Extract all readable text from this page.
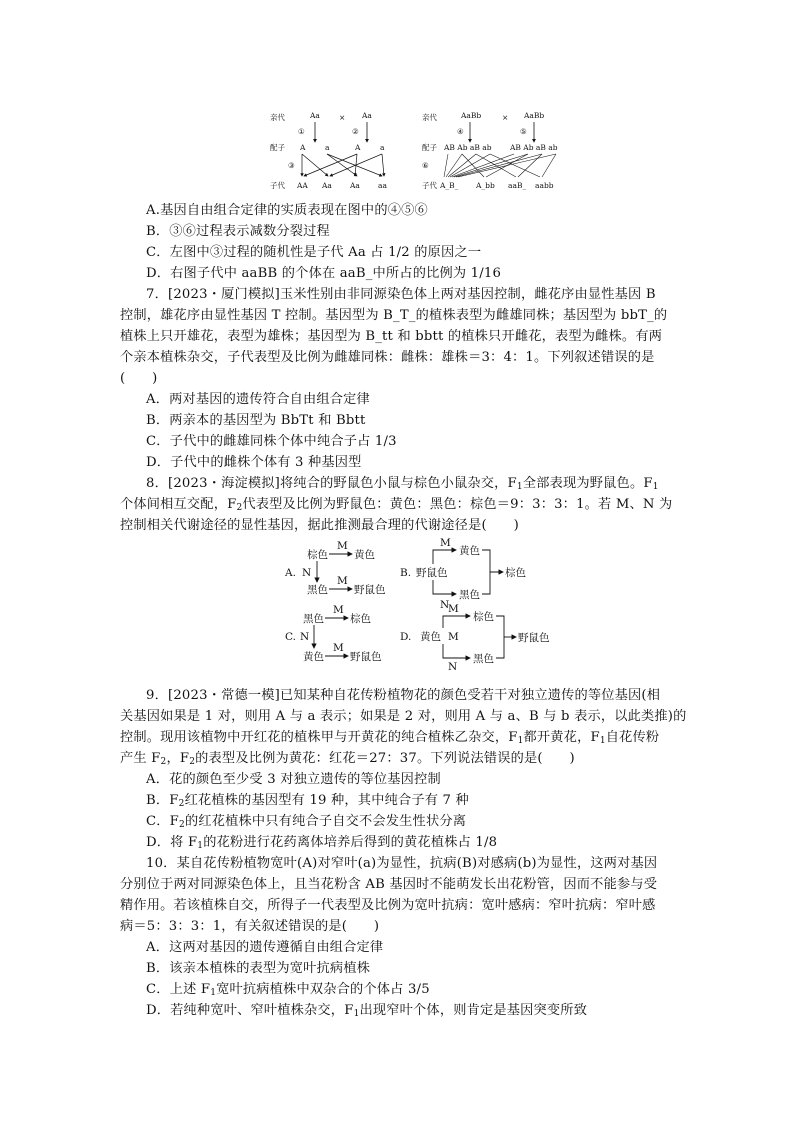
亲代	Aa	× Aa
①	②
配子 A	a	A	a
③
子代 AA Aa Aa aa
亲代	AaBb	× AaBb
④	⑤
配子 AB Ab aB ab AB Ab aB ab
⑥
子代 A_B_ A_bb aaB_ aabb
A.基因自由组合定律的实质表现在图中的④⑤⑥
B．③⑥过程表示减数分裂过程
C．左图中③过程的随机性是子代 Aa 占 1/2 的原因之一
D．右图子代中 aaBB 的个体在 aaB_中所占的比例为 1/16
7．[2023・厦门模拟]玉米性别由非同源染色体上两对基因控制，雌花序由显性基因 B
控制，雄花序由显性基因 T 控制。基因型为 B_T_的植株表型为雌雄同株；基因型为 bbT_的
植株上只开雄花，表型为雄株；基因型为 B_tt 和 bbtt 的植株只开雌花，表型为雌株。有两
个亲本植株杂交，子代表型及比例为雌雄同株：雌株：雄株＝3：4：1。下列叙述错误的是
(　　)
A．两对基因的遗传符合自由组合定律
B．两亲本的基因型为 BbTt 和 Bbtt
C．子代中的雌雄同株个体中纯合子占 1/3
D．子代中的雌株个体有 3 种基因型
8．[2023・海淀模拟]将纯合的野鼠色小鼠与棕色小鼠杂交，$F_1$全部表现为野鼠色。$F_1$
个体间相互交配，$F_2$代表型及比例为野鼠色：黄色：黑色：棕色＝9：3：3：1。若 M、N 为
控制相关代谢途径的显性基因，据此推测最合理的代谢途径是(　　)
A.
棕色
M
黄色
N
黑色
M
野鼠色
B. 野鼠色
M
N
黄色
黑色
棕色
C.
黑色
M
棕色
N
黄色
M
野鼠色
D. 黄色
M
M
N
棕色
黑色
野鼠色
9．[2023・常德一模]已知某种自花传粉植物花的颜色受若干对独立遗传的等位基因(相
关基因如果是 1 对，则用 A 与 a 表示；如果是 2 对，则用 A 与 a、B 与 b 表示，以此类推)的
控制。现用该植物中开红花的植株甲与开黄花的纯合植株乙杂交，$F_1$都开黄花，$F_1$自花传粉
产生 $F_2$，$F_2$的表型及比例为黄花：红花＝27：37。下列说法错误的是(　　)
A．花的颜色至少受 3 对独立遗传的等位基因控制
B．$F_2$红花植株的基因型有 19 种，其中纯合子有 7 种
C．$F_2$的红花植株中只有纯合子自交不会发生性状分离
D．将 $F_1$的花粉进行花药离体培养后得到的黄花植株占 1/8
10．某自花传粉植物宽叶(A)对窄叶(a)为显性，抗病(B)对感病(b)为显性，这两对基因
分别位于两对同源染色体上，且当花粉含 AB 基因时不能萌发长出花粉管，因而不能参与受
精作用。若该植株自交，所得子一代表型及比例为宽叶抗病：宽叶感病：窄叶抗病：窄叶感
病＝5：3：3：1，有关叙述错误的是(　　)
A．这两对基因的遗传遵循自由组合定律
B．该亲本植株的表型为宽叶抗病植株
C．上述 $F_1$宽叶抗病植株中双杂合的个体占 3/5
D．若纯种宽叶、窄叶植株杂交，$F_1$出现窄叶个体，则肯定是基因突变所致
